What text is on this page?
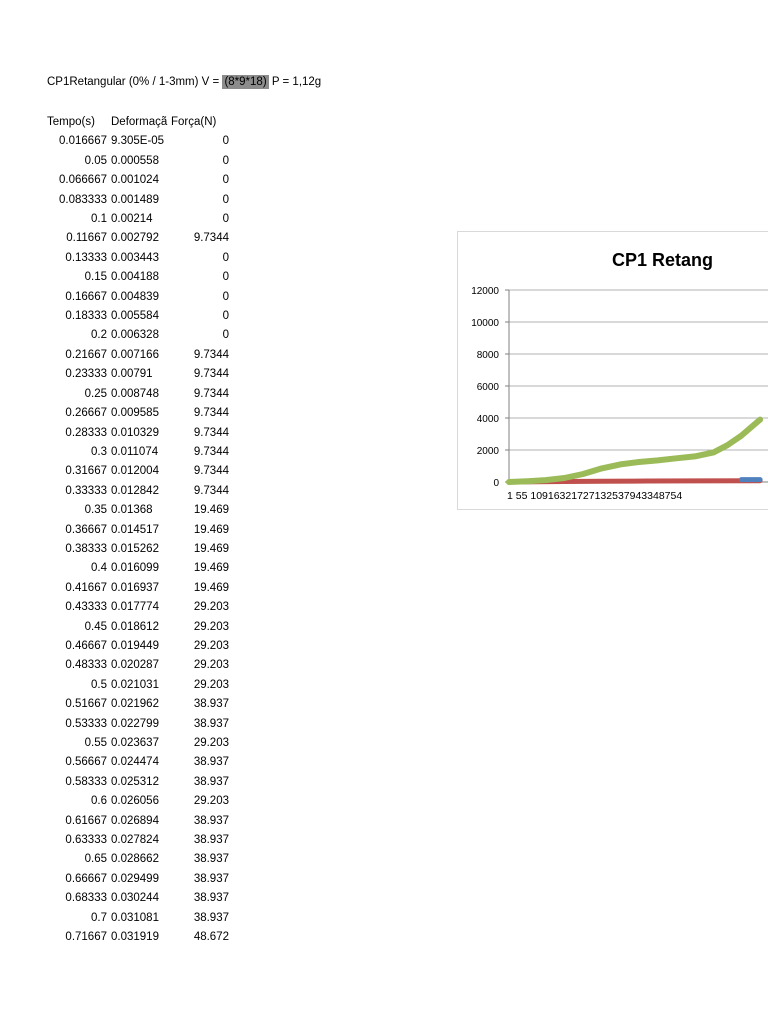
CP1Retangular (0% / 1-3mm) V = (8*9*18) P = 1,12g
Tempo(s)	Deformaçã	Força(N)
0.016667	9.305E-05	0
0.05	0.000558	0
0.066667	0.001024	0
0.083333	0.001489	0
0.1	0.00214	0
0.11667	0.002792	9.7344
0.13333	0.003443	0
0.15	0.004188	0
0.16667	0.004839	0
0.18333	0.005584	0
0.2	0.006328	0
0.21667	0.007166	9.7344
0.23333	0.00791	9.7344
0.25	0.008748	9.7344
0.26667	0.009585	9.7344
0.28333	0.010329	9.7344
0.3	0.011074	9.7344
0.31667	0.012004	9.7344
0.33333	0.012842	9.7344
0.35	0.01368	19.469
0.36667	0.014517	19.469
0.38333	0.015262	19.469
0.4	0.016099	19.469
0.41667	0.016937	19.469
0.43333	0.017774	29.203
0.45	0.018612	29.203
0.46667	0.019449	29.203
0.48333	0.020287	29.203
0.5	0.021031	29.203
0.51667	0.021962	38.937
0.53333	0.022799	38.937
0.55	0.023637	29.203
0.56667	0.024474	38.937
0.58333	0.025312	38.937
0.6	0.026056	29.203
0.61667	0.026894	38.937
0.63333	0.027824	38.937
0.65	0.028662	38.937
0.66667	0.029499	38.937
0.68333	0.030244	38.937
0.7	0.031081	38.937
0.71667	0.031919	48.672
CP1 Retang
12000
10000
8000
6000
4000
2000
0
1 55 10916321727132537943348754
